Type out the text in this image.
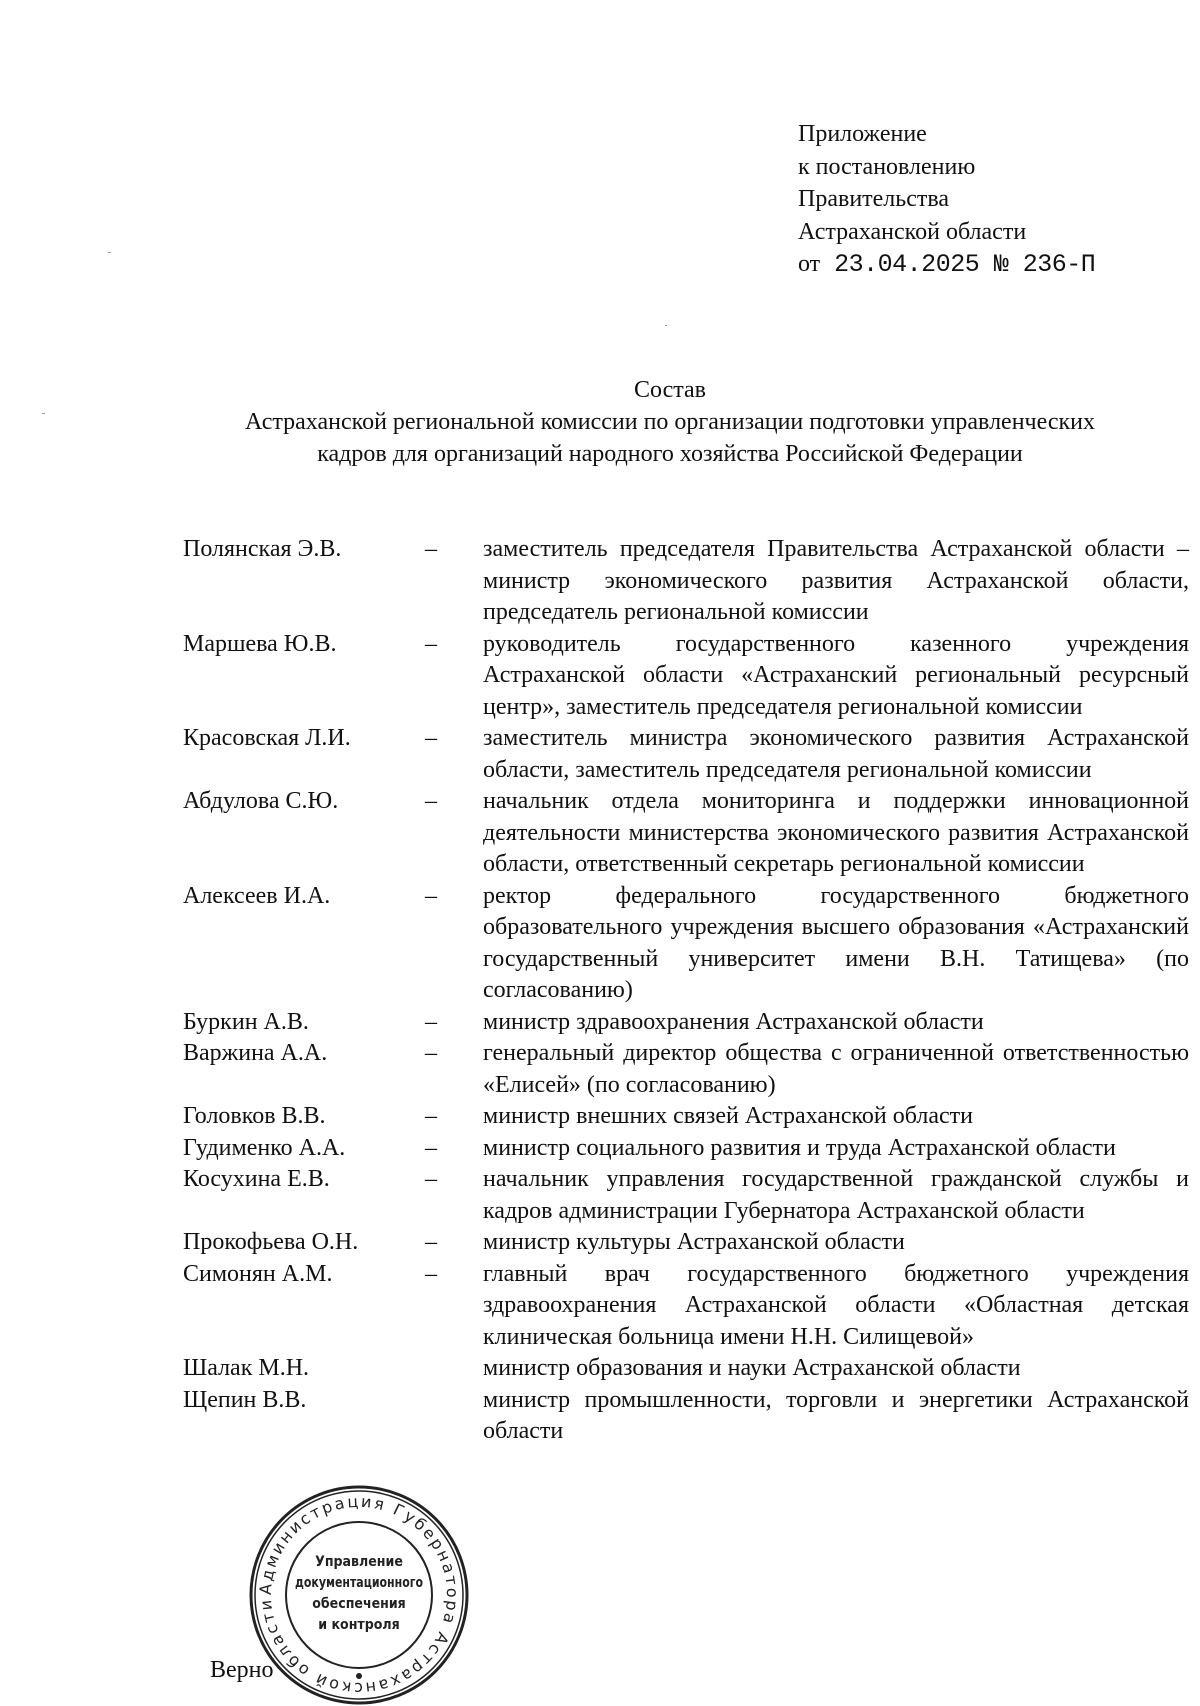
Приложение
к постановлению
Правительства
Астраханской области
от 23.04.2025 № 236-П
Состав
Астраханской региональной комиссии по организации подготовки управленческих
кадров для организаций народного хозяйства Российской Федерации
Полянская Э.В.	–	заместитель председателя Правительства Астраханской области – министр экономического развития Астраханской области, председатель региональной комиссии
Маршева Ю.В.	–	руководитель государственного казенного учреждения Астраханской области «Астраханский региональный ресурсный центр», заместитель председателя региональной комиссии
Красовская Л.И.	–	заместитель министра экономического развития Астраханской области, заместитель председателя региональной комиссии
Абдулова С.Ю.	–	начальник отдела мониторинга и поддержки инновационной деятельности министерства экономического развития Астраханской области, ответственный секретарь региональной комиссии
Алексеев И.А.	–	ректор федерального государственного бюджетного образовательного учреждения высшего образования «Астраханский государственный университет имени В.Н. Татищева» (по согласованию)
Буркин А.В.	–	министр здравоохранения Астраханской области
Варжина А.А.	–	генеральный директор общества с ограниченной ответственностью «Елисей» (по согласованию)
Головков В.В.	–	министр внешних связей Астраханской области
Гудименко А.А.	–	министр социального развития и труда Астраханской области
Косухина Е.В.	–	начальник управления государственной гражданской службы и кадров администрации Губернатора Астраханской области
Прокофьева О.Н.	–	министр культуры Астраханской области
Симонян А.М.	–	главный врач государственного бюджетного учреждения здравоохранения Астраханской области «Областная детская клиническая больница имени Н.Н. Силищевой»
Шалак М.Н.	министр образования и науки Астраханской области
Щепин В.В.	министр промышленности, торговли и энергетики Астраханской области
Администрация Губернатора Астраханской области
Управление
документационного
обеспечения
и контроля
Верно
